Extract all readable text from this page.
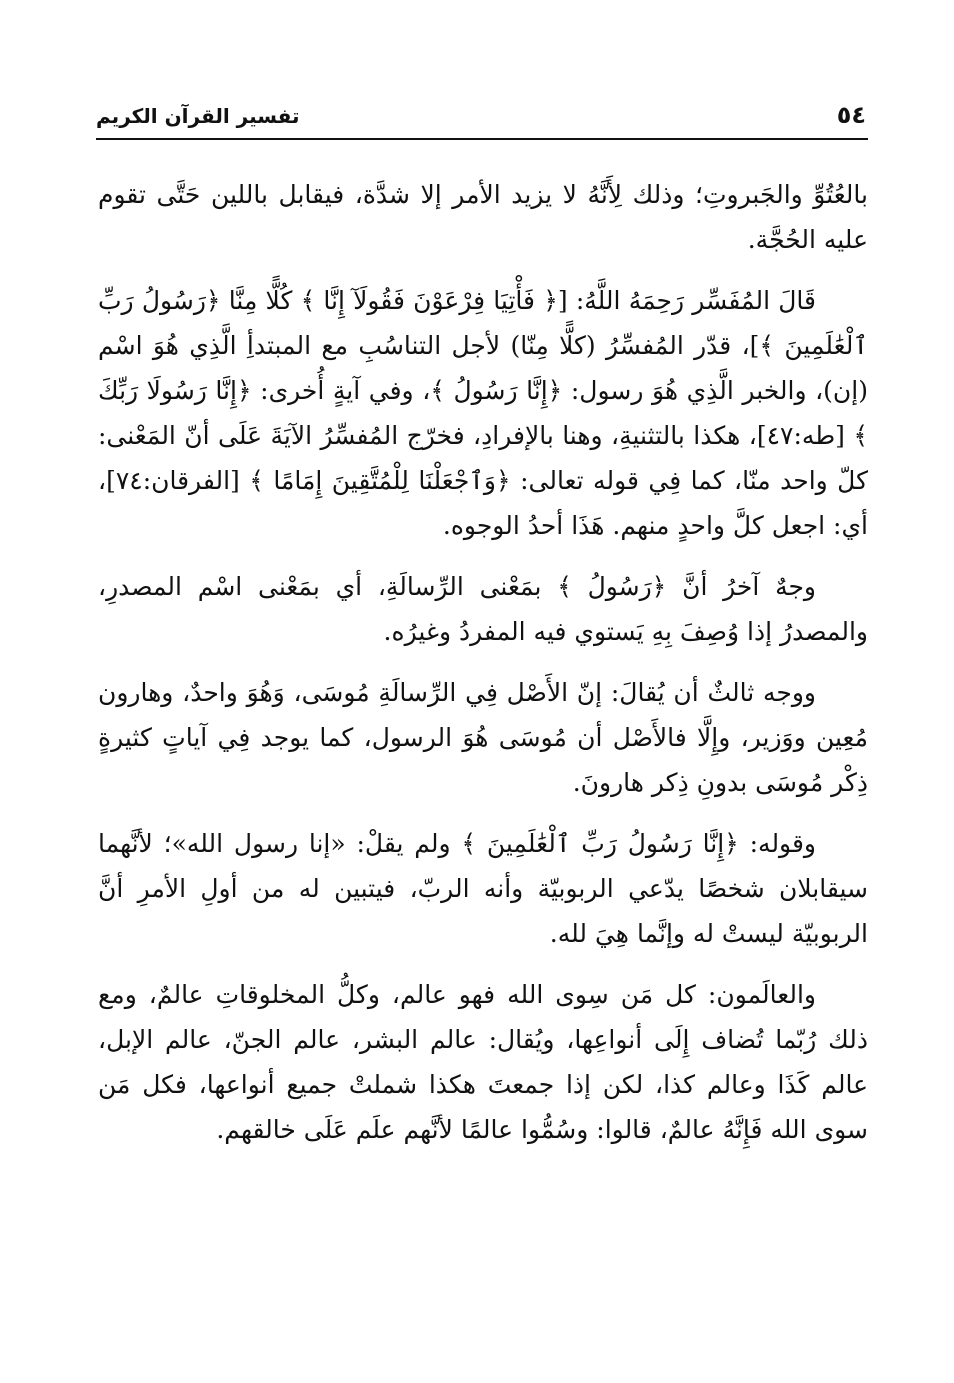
٥٤
تفسير القرآن الكريم

بالعُتُوِّ والجَبروتِ؛ وذلك لِأَنَّهُ لا يزيد الأمر إلا شدَّة، فيقابل باللين حَتَّى تقوم عليه الحُجَّة.

قَالَ المُفَسِّر رَحِمَهُ اللَّهُ: [﴿ فَأْتِيَا فِرْعَوْنَ فَقُولَآ إِنَّا ﴾ كُلًّا مِنَّا ﴿رَسُولُ رَبِّ ٱلْعَٰلَمِينَ ﴾]، قدّر المُفسِّرُ (كلًّا مِنّا) لأجل التناسُبِ مع المبتدأِ الَّذِي هُوَ اسْم (إن)، والخبر الَّذِي هُوَ رسول: ﴿إِنَّا رَسُولُ ﴾، وفي آيةٍ أُخرى: ﴿إِنَّا رَسُولَا رَبِّكَ ﴾ [طه:٤٧]، هكذا بالتثنيةِ، وهنا بالإفرادِ، فخرّج المُفسِّرُ الآيَةَ عَلَى أنّ المَعْنى: كلّ واحد منّا، كما فِي قوله تعالى: ﴿وَٱجْعَلْنَا لِلْمُتَّقِينَ إِمَامًا ﴾ [الفرقان:٧٤]، أي: اجعل كلَّ واحدٍ منهم. هَذَا أحدُ الوجوه.

وجهٌ آخرُ أنَّ ﴿رَسُولُ ﴾ بمَعْنى الرِّسالَةِ، أي بمَعْنى اسْم المصدرِ، والمصدرُ إذا وُصِفَ بِهِ يَستوي فيه المفردُ وغيرُه.

ووجه ثالثٌ أن يُقالَ: إنّ الأَصْل فِي الرِّسالَةِ مُوسَى، وَهُوَ واحدٌ، وهارون مُعِين ووَزير، وإِلَّا فالأَصْل أن مُوسَى هُوَ الرسول، كما يوجد فِي آياتٍ كثيرةٍ ذِكْر مُوسَى بدونِ ذِكر هارونَ.

وقوله: ﴿إِنَّا رَسُولُ رَبِّ ٱلْعَٰلَمِينَ ﴾ ولم يقلْ: «إنا رسول الله»؛ لأنَّهما سيقابلان شخصًا يدّعي الربوبيّة وأنه الربّ، فيتبين له من أولِ الأمرِ أنَّ الربوبيّة ليستْ له وإنَّما هِيَ لله.

والعالَمون: كل مَن سِوى الله فهو عالم، وكلُّ المخلوقاتِ عالمٌ، ومع ذلك رُبّما تُضاف إِلَى أنواعِها، ويُقال: عالم البشر، عالم الجنّ، عالم الإبل، عالم كَذَا وعالم كذا، لكن إذا جمعتَ هكذا شملتْ جميع أنواعها، فكل مَن سوى الله فَإِنَّهُ عالمٌ، قالوا: وسُمُّوا عالمًا لأنَّهم علَم عَلَى خالقهم.
